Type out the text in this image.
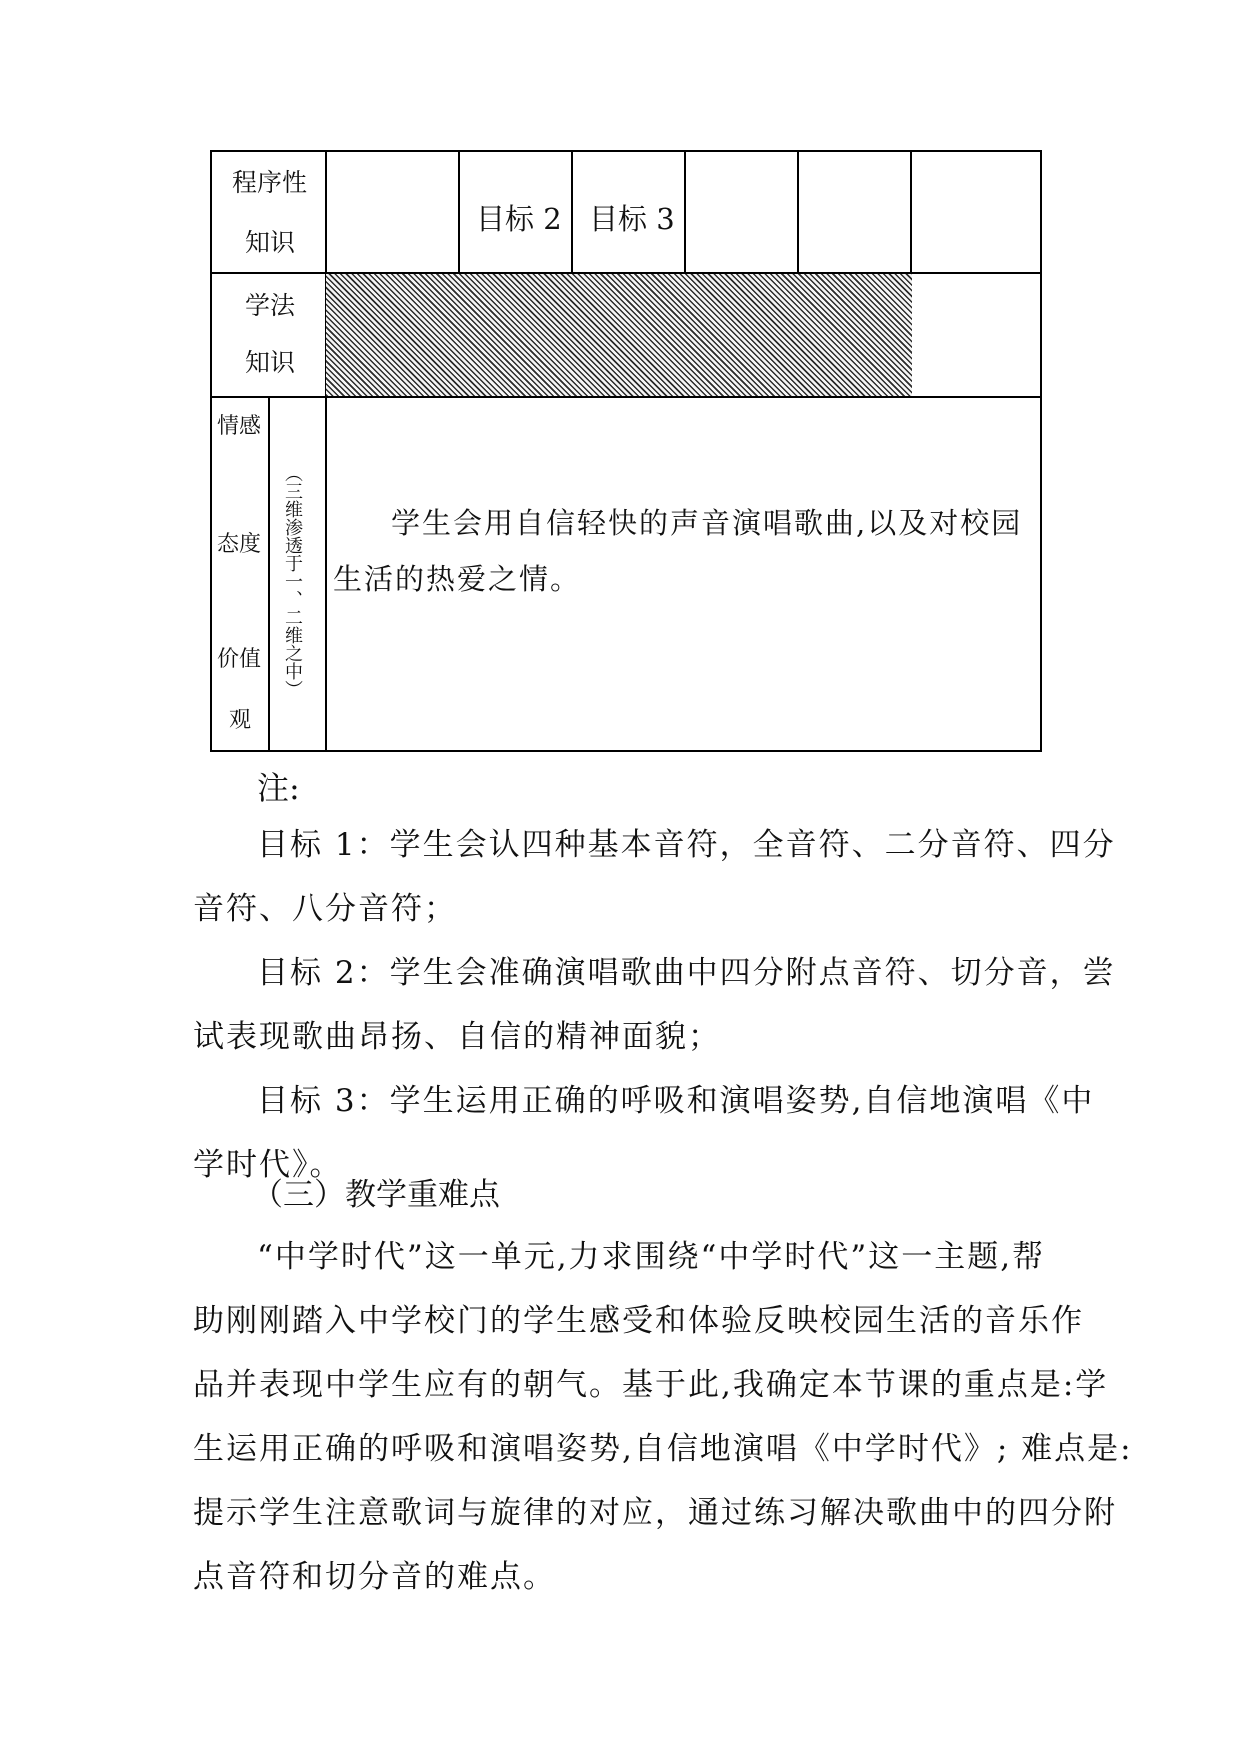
程序性
知识
目标 2 目标 3
学法
知识
情感
态度
价值
观
（三维渗透于一、二维之中）	学生会用自信轻快的声音演唱歌曲,以及对校园
生活的热爱之情。
注:
目标 1：学生会认四种基本音符，全音符、二分音符、四分
音符、八分音符；
目标 2：学生会准确演唱歌曲中四分附点音符、切分音，尝
试表现歌曲昂扬、自信的精神面貌；
目标 3：学生运用正确的呼吸和演唱姿势,自信地演唱《中
学时代》。
（三）教学重难点
“中学时代”这一单元,力求围绕“中学时代”这一主题,帮
助刚刚踏入中学校门的学生感受和体验反映校园生活的音乐作
品并表现中学生应有的朝气。基于此,我确定本节课的重点是:学
生运用正确的呼吸和演唱姿势,自信地演唱《中学时代》; 难点是:
提示学生注意歌词与旋律的对应，通过练习解决歌曲中的四分附
点音符和切分音的难点。
